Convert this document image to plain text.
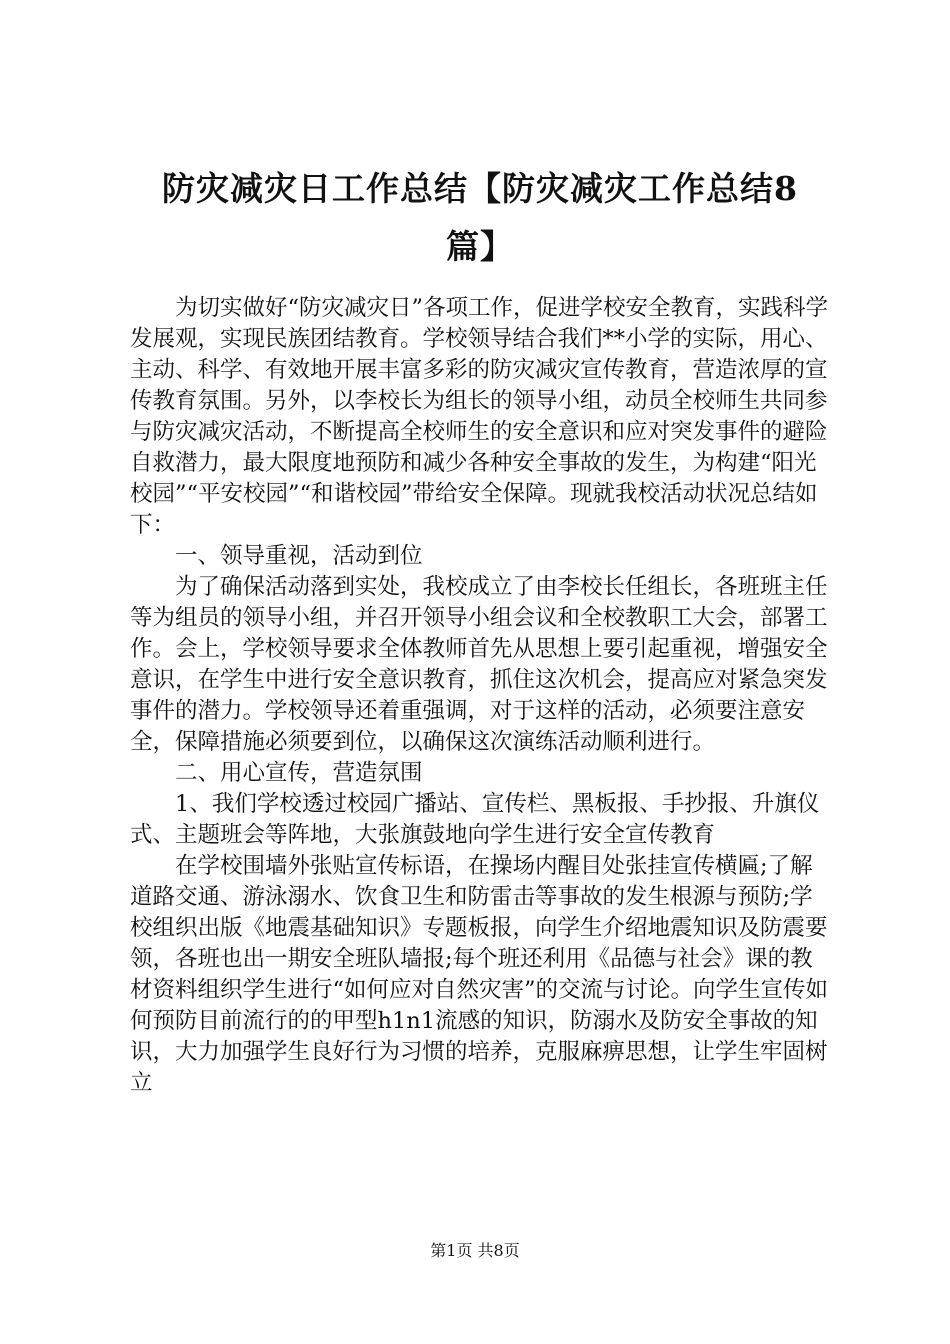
防灾减灾日工作总结【防灾减灾工作总结8
篇】

为切实做好“防灾减灾日”各项工作，促进学校安全教育，实践科学发展观，实现民族团结教育。学校领导结合我们**小学的实际，用心、主动、科学、有效地开展丰富多彩的防灾减灾宣传教育，营造浓厚的宣传教育氛围。另外，以李校长为组长的领导小组，动员全校师生共同参与防灾减灾活动，不断提高全校师生的安全意识和应对突发事件的避险自救潜力，最大限度地预防和减少各种安全事故的发生，为构建“阳光校园”“平安校园”“和谐校园”带给安全保障。现就我校活动状况总结如下：

一、领导重视，活动到位

为了确保活动落到实处，我校成立了由李校长任组长，各班班主任等为组员的领导小组，并召开领导小组会议和全校教职工大会，部署工作。会上，学校领导要求全体教师首先从思想上要引起重视，增强安全意识，在学生中进行安全意识教育，抓住这次机会，提高应对紧急突发事件的潜力。学校领导还着重强调，对于这样的活动，必须要注意安全，保障措施必须要到位，以确保这次演练活动顺利进行。

二、用心宣传，营造氛围

1、我们学校透过校园广播站、宣传栏、黑板报、手抄报、升旗仪式、主题班会等阵地，大张旗鼓地向学生进行安全宣传教育

在学校围墙外张贴宣传标语，在操场内醒目处张挂宣传横匾;了解道路交通、游泳溺水、饮食卫生和防雷击等事故的发生根源与预防;学校组织出版《地震基础知识》专题板报，向学生介绍地震知识及防震要领，各班也出一期安全班队墙报;每个班还利用《品德与社会》课的教材资料组织学生进行“如何应对自然灾害”的交流与讨论。向学生宣传如何预防目前流行的的甲型h1n1流感的知识，防溺水及防安全事故的知识，大力加强学生良好行为习惯的培养，克服麻痹思想，让学生牢固树立

第1页 共8页
